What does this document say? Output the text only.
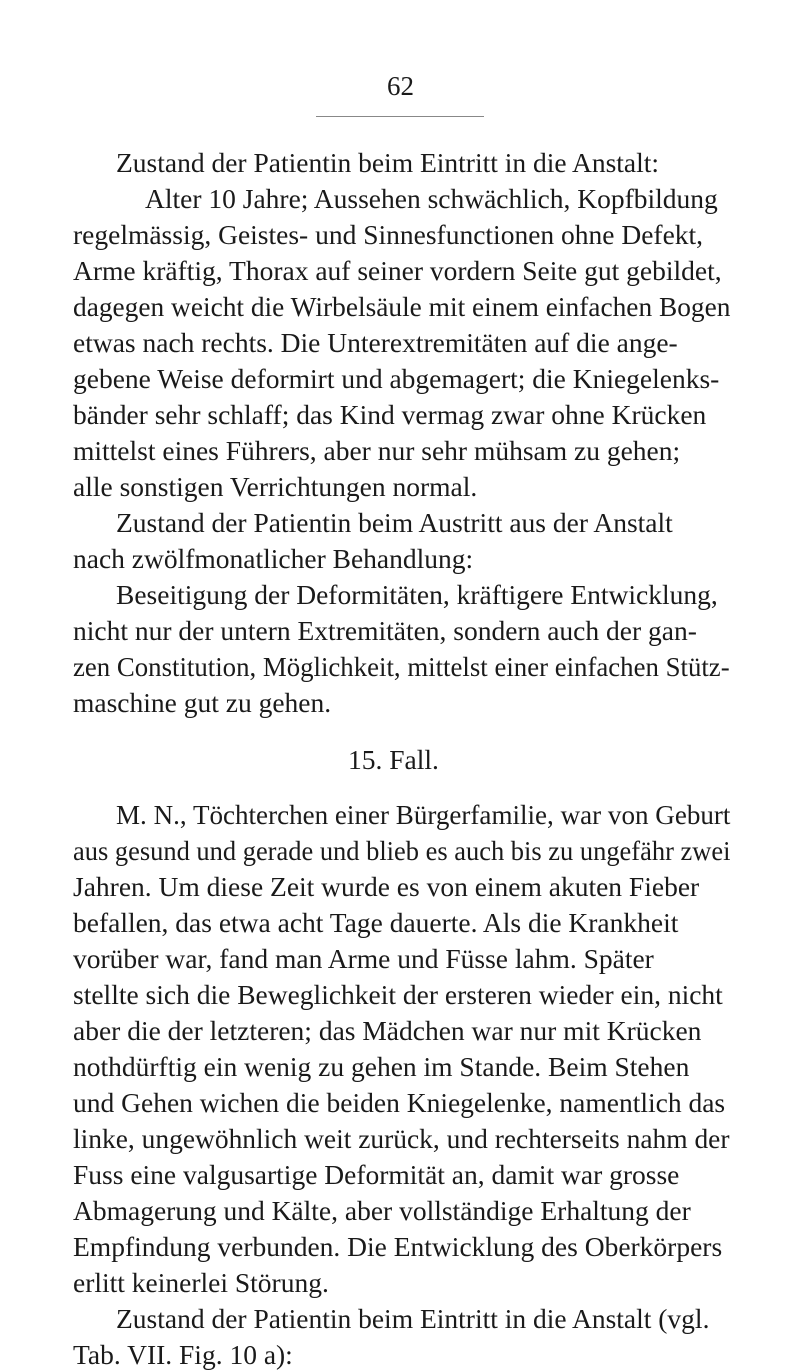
62
Zustand der Patientin beim Eintritt in die Anstalt:
Alter 10 Jahre; Aussehen schwächlich, Kopfbildung
regelmässig, Geistes- und Sinnesfunctionen ohne Defekt,
Arme kräftig, Thorax auf seiner vordern Seite gut gebildet,
dagegen weicht die Wirbelsäule mit einem einfachen Bogen
etwas nach rechts. Die Unterextremitäten auf die ange-
gebene Weise deformirt und abgemagert; die Kniegelenks-
bänder sehr schlaff; das Kind vermag zwar ohne Krücken
mittelst eines Führers, aber nur sehr mühsam zu gehen;
alle sonstigen Verrichtungen normal.
Zustand der Patientin beim Austritt aus der Anstalt
nach zwölfmonatlicher Behandlung:
Beseitigung der Deformitäten, kräftigere Entwicklung,
nicht nur der untern Extremitäten, sondern auch der gan-
zen Constitution, Möglichkeit, mittelst einer einfachen Stütz-
maschine gut zu gehen.
15. Fall.
M. N., Töchterchen einer Bürgerfamilie, war von Geburt
aus gesund und gerade und blieb es auch bis zu ungefähr zwei
Jahren. Um diese Zeit wurde es von einem akuten Fieber
befallen, das etwa acht Tage dauerte. Als die Krankheit
vorüber war, fand man Arme und Füsse lahm. Später
stellte sich die Beweglichkeit der ersteren wieder ein, nicht
aber die der letzteren; das Mädchen war nur mit Krücken
nothdürftig ein wenig zu gehen im Stande. Beim Stehen
und Gehen wichen die beiden Kniegelenke, namentlich das
linke, ungewöhnlich weit zurück, und rechterseits nahm der
Fuss eine valgusartige Deformität an, damit war grosse
Abmagerung und Kälte, aber vollständige Erhaltung der
Empfindung verbunden. Die Entwicklung des Oberkörpers
erlitt keinerlei Störung.
Zustand der Patientin beim Eintritt in die Anstalt (vgl.
Tab. VII. Fig. 10 a):
